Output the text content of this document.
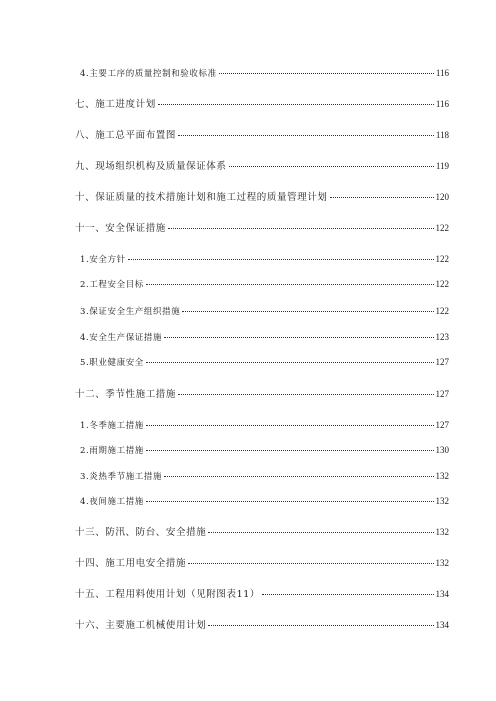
4.主要工序的质量控制和验收标准	116
七、施工进度计划	116
八、施工总平面布置图	118
九、现场组织机构及质量保证体系	119
十、保证质量的技术措施计划和施工过程的质量管理计划	120
十一、安全保证措施	122
1.安全方针	122
2.工程安全目标	122
3.保证安全生产组织措施	122
4.安全生产保证措施	123
5.职业健康安全	127
十二、季节性施工措施	127
1.冬季施工措施	127
2.雨期施工措施	130
3.炎热季节施工措施	132
4.夜间施工措施	132
十三、防汛、防台、安全措施	132
十四、施工用电安全措施	132
十五、工程用料使用计划（见附图表11）	134
十六、主要施工机械使用计划	134
